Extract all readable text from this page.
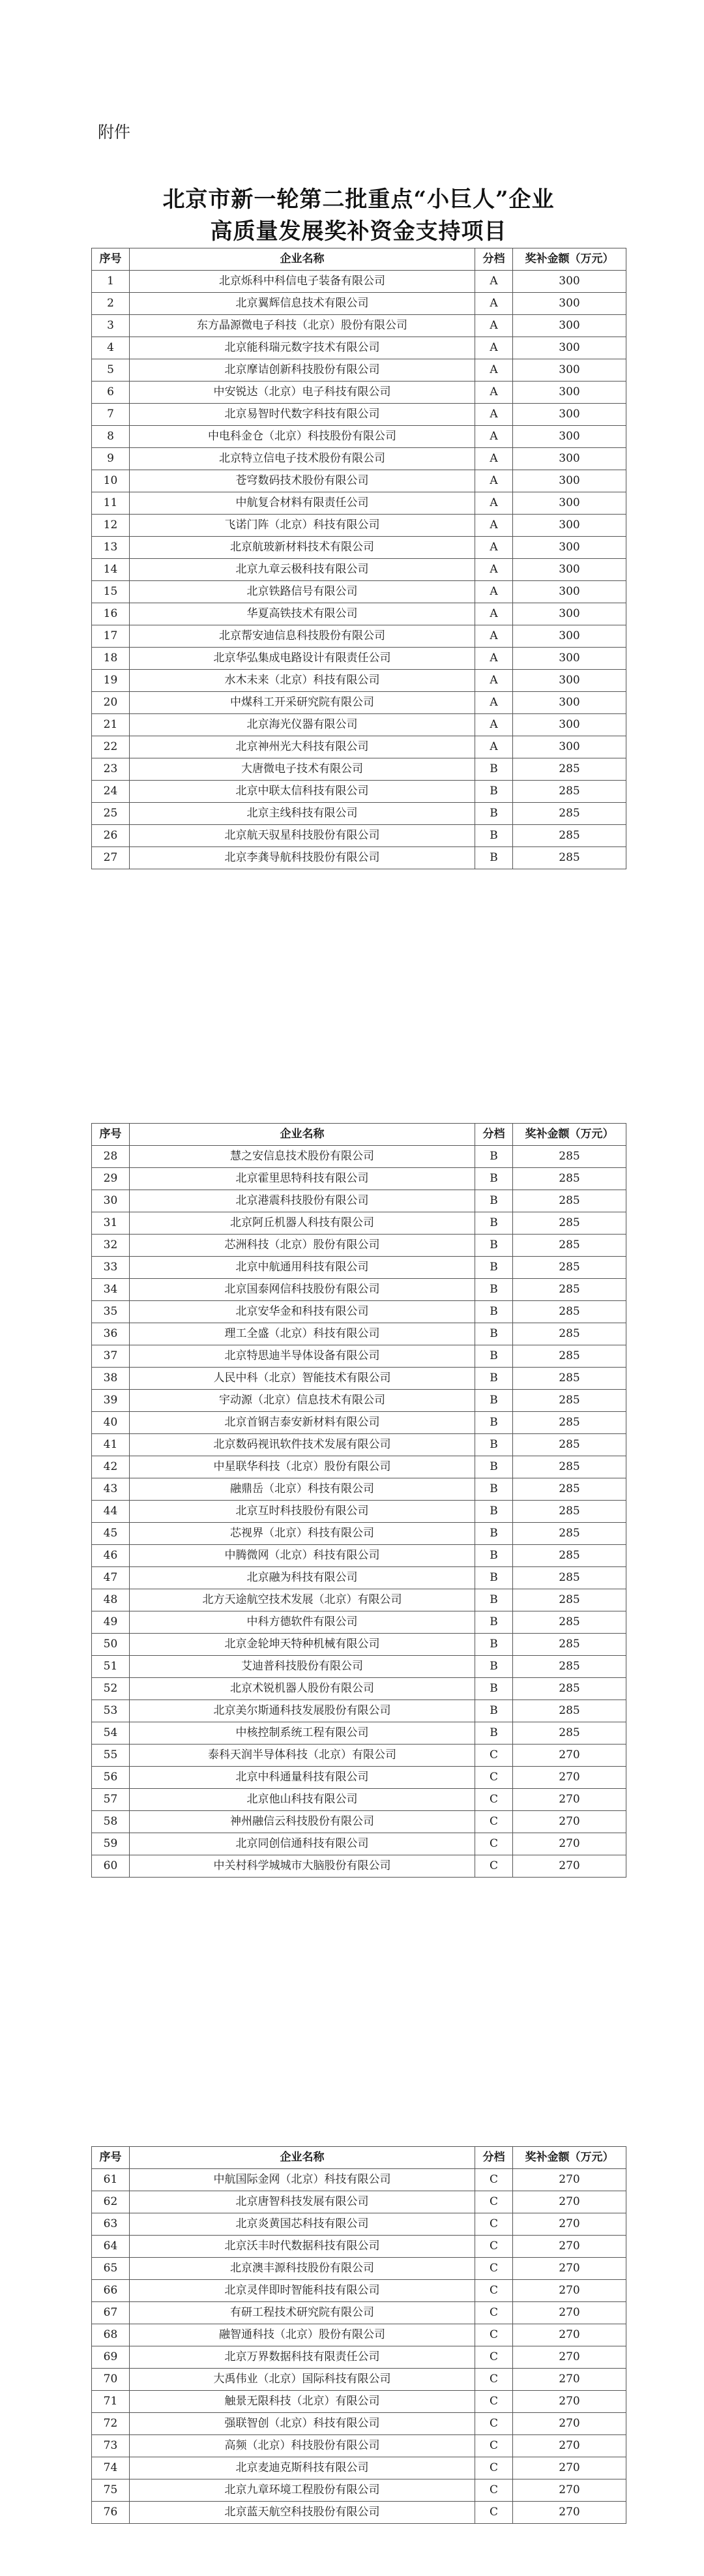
附件
北京市新一轮第二批重点“小巨人”企业
高质量发展奖补资金支持项目
序号	企业名称	分档	奖补金额（万元）
1	北京烁科中科信电子装备有限公司	A	300
2	北京翼辉信息技术有限公司	A	300
3	东方晶源微电子科技（北京）股份有限公司	A	300
4	北京能科瑞元数字技术有限公司	A	300
5	北京摩诘创新科技股份有限公司	A	300
6	中安锐达（北京）电子科技有限公司	A	300
7	北京易智时代数字科技有限公司	A	300
8	中电科金仓（北京）科技股份有限公司	A	300
9	北京特立信电子技术股份有限公司	A	300
10	苍穹数码技术股份有限公司	A	300
11	中航复合材料有限责任公司	A	300
12	飞诺门阵（北京）科技有限公司	A	300
13	北京航玻新材料技术有限公司	A	300
14	北京九章云极科技有限公司	A	300
15	北京铁路信号有限公司	A	300
16	华夏高铁技术有限公司	A	300
17	北京帮安迪信息科技股份有限公司	A	300
18	北京华弘集成电路设计有限责任公司	A	300
19	水木未来（北京）科技有限公司	A	300
20	中煤科工开采研究院有限公司	A	300
21	北京海光仪器有限公司	A	300
22	北京神州光大科技有限公司	A	300
23	大唐微电子技术有限公司	B	285
24	北京中联太信科技有限公司	B	285
25	北京主线科技有限公司	B	285
26	北京航天驭星科技股份有限公司	B	285
27	北京李龚导航科技股份有限公司	B	285
序号	企业名称	分档	奖补金额（万元）
28	慧之安信息技术股份有限公司	B	285
29	北京霍里思特科技有限公司	B	285
30	北京港震科技股份有限公司	B	285
31	北京阿丘机器人科技有限公司	B	285
32	芯洲科技（北京）股份有限公司	B	285
33	北京中航通用科技有限公司	B	285
34	北京国泰网信科技股份有限公司	B	285
35	北京安华金和科技有限公司	B	285
36	理工全盛（北京）科技有限公司	B	285
37	北京特思迪半导体设备有限公司	B	285
38	人民中科（北京）智能技术有限公司	B	285
39	宇动源（北京）信息技术有限公司	B	285
40	北京首钢吉泰安新材料有限公司	B	285
41	北京数码视讯软件技术发展有限公司	B	285
42	中星联华科技（北京）股份有限公司	B	285
43	融鼎岳（北京）科技有限公司	B	285
44	北京互时科技股份有限公司	B	285
45	芯视界（北京）科技有限公司	B	285
46	中腾微网（北京）科技有限公司	B	285
47	北京融为科技有限公司	B	285
48	北方天途航空技术发展（北京）有限公司	B	285
49	中科方德软件有限公司	B	285
50	北京金轮坤天特种机械有限公司	B	285
51	艾迪普科技股份有限公司	B	285
52	北京术锐机器人股份有限公司	B	285
53	北京美尔斯通科技发展股份有限公司	B	285
54	中核控制系统工程有限公司	B	285
55	泰科天润半导体科技（北京）有限公司	C	270
56	北京中科通量科技有限公司	C	270
57	北京他山科技有限公司	C	270
58	神州融信云科技股份有限公司	C	270
59	北京同创信通科技有限公司	C	270
60	中关村科学城城市大脑股份有限公司	C	270
序号	企业名称	分档	奖补金额（万元）
61	中航国际金网（北京）科技有限公司	C	270
62	北京唐智科技发展有限公司	C	270
63	北京炎黄国芯科技有限公司	C	270
64	北京沃丰时代数据科技有限公司	C	270
65	北京澳丰源科技股份有限公司	C	270
66	北京灵伴即时智能科技有限公司	C	270
67	有研工程技术研究院有限公司	C	270
68	融智通科技（北京）股份有限公司	C	270
69	北京万界数据科技有限责任公司	C	270
70	大禹伟业（北京）国际科技有限公司	C	270
71	触景无限科技（北京）有限公司	C	270
72	强联智创（北京）科技有限公司	C	270
73	高频（北京）科技股份有限公司	C	270
74	北京麦迪克斯科技有限公司	C	270
75	北京九章环境工程股份有限公司	C	270
76	北京蓝天航空科技股份有限公司	C	270
